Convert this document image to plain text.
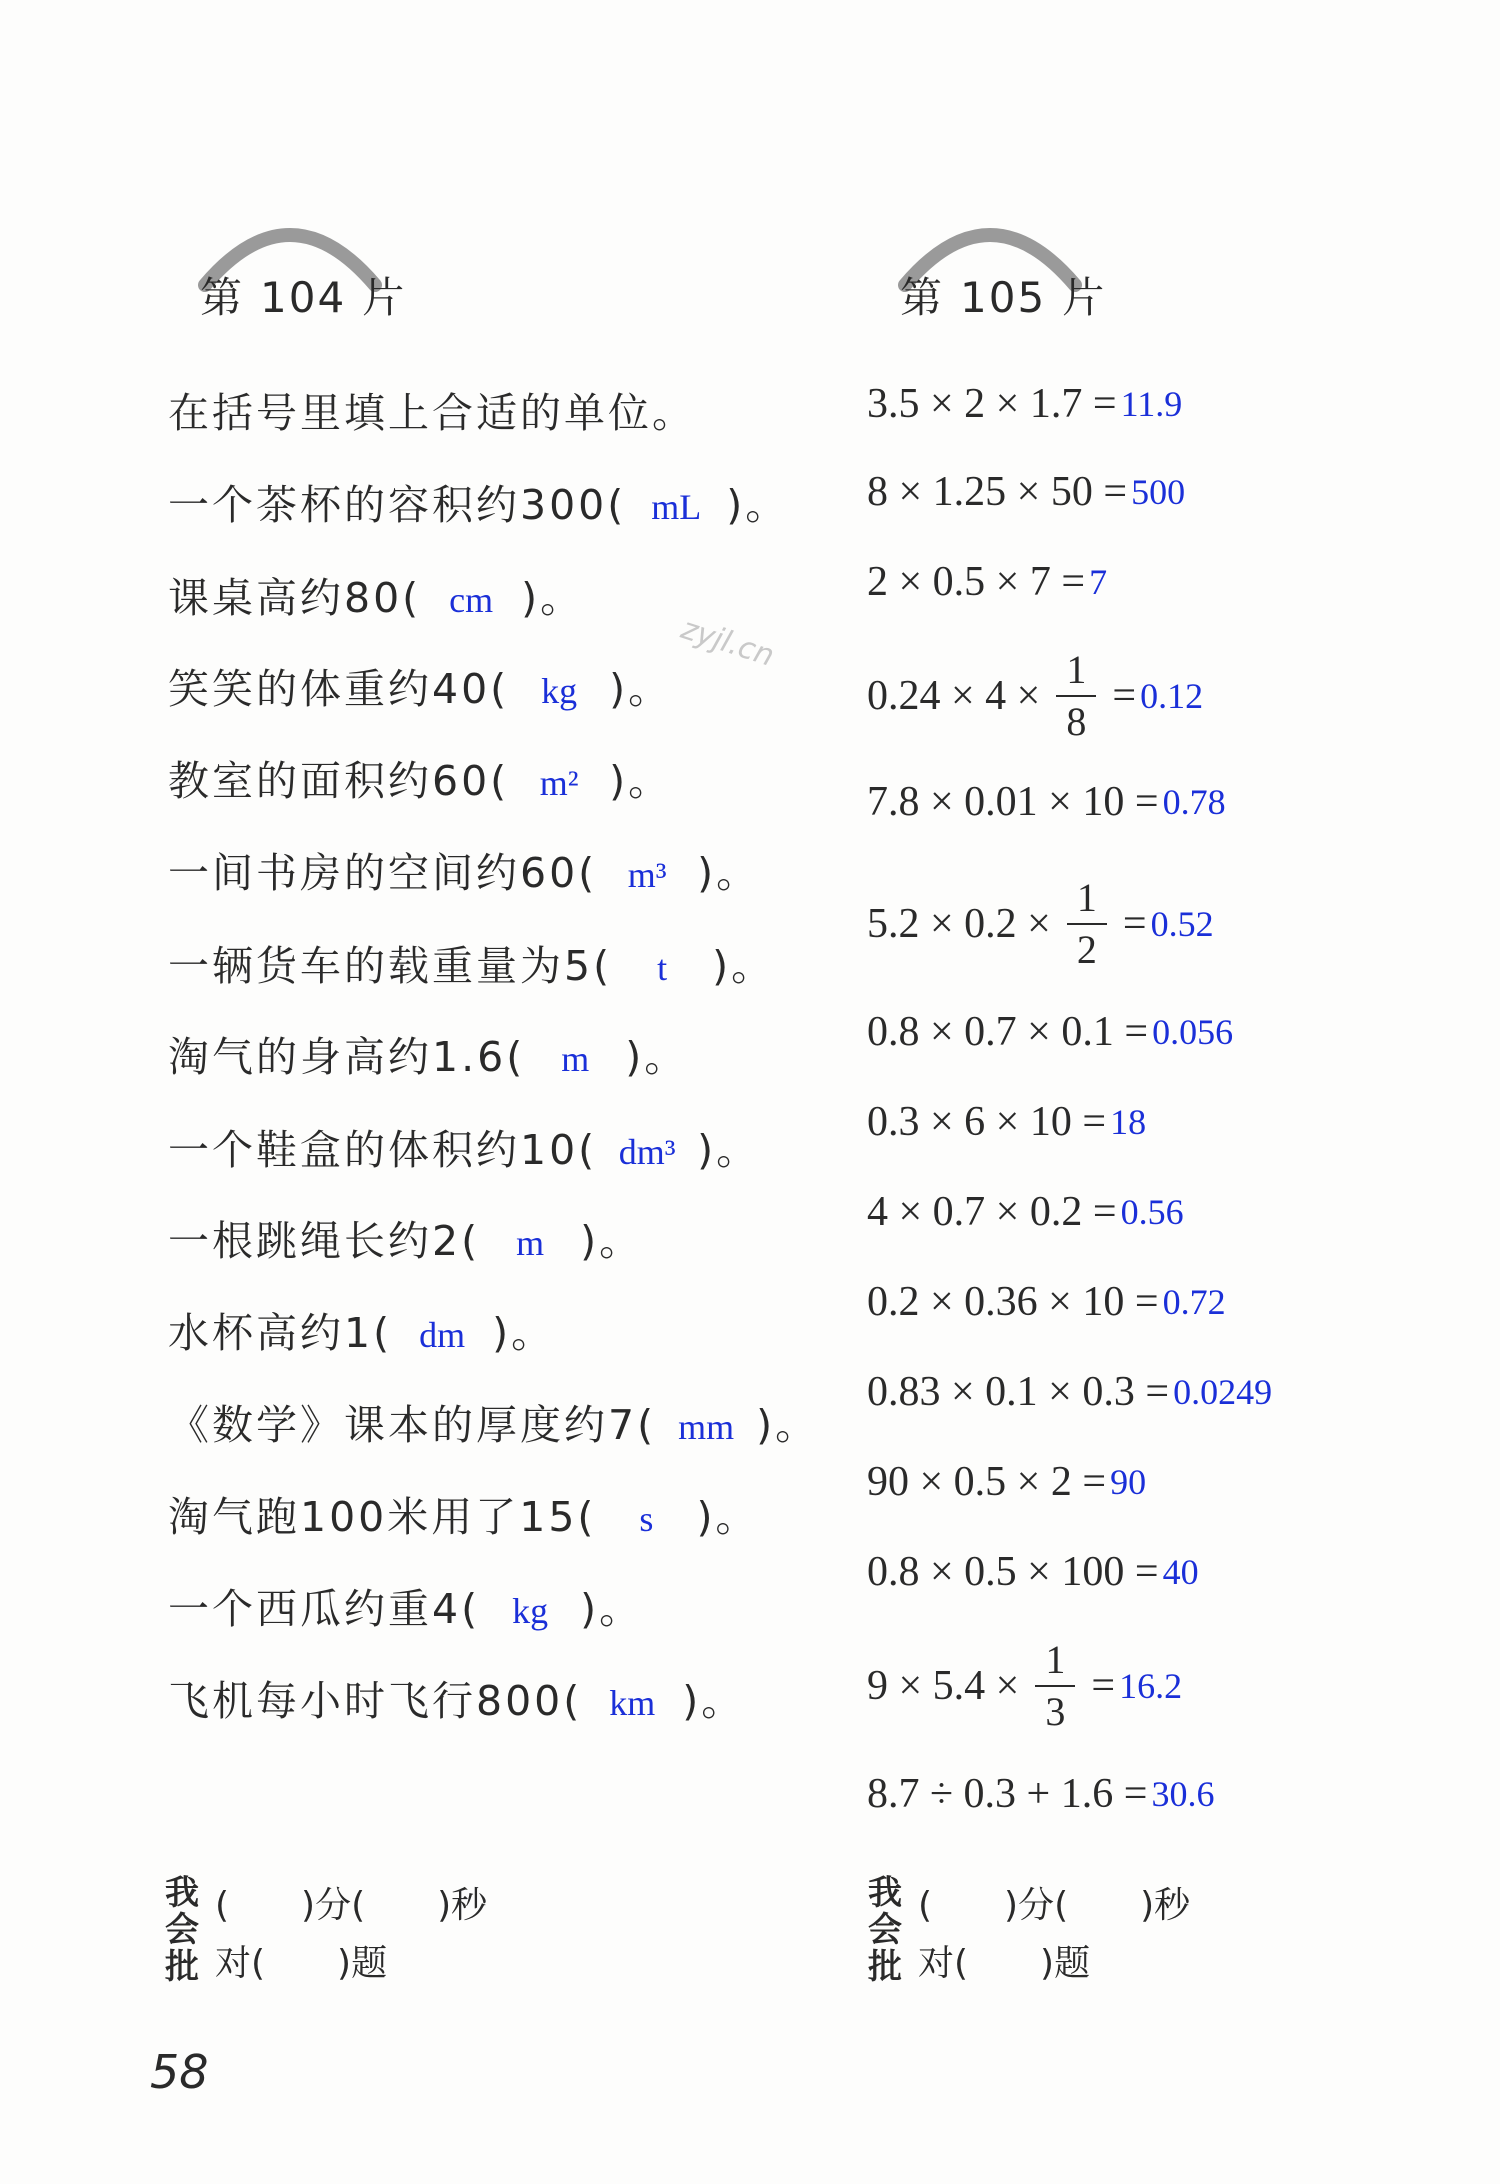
第 104 片	第 105 片
在括号里填上合适的单位。
一个茶杯的容积约300( mL )。
课桌高约80( cm )。
笑笑的体重约40( kg )。
教室的面积约60( m² )。
一间书房的空间约60( m³ )。
一辆货车的载重量为5( t )。
淘气的身高约1.6( m )。
一个鞋盒的体积约10( dm³ )。
一根跳绳长约2( m )。
水杯高约1( dm )。
《数学》课本的厚度约7( mm )。
淘气跑100米用了15( s )。
一个西瓜约重4( kg )。
飞机每小时飞行800( km )。
zyjl.cn
3.5 × 2 × 1.7 = 11.9
8 × 1.25 × 50 = 500
2 × 0.5 × 7 = 7
$0.24 \times 4 \times \frac{1}{8} = 0.12$
7.8 × 0.01 × 10 = 0.78
$5.2 \times 0.2 \times \frac{1}{2} = 0.52$
0.8 × 0.7 × 0.1 = 0.056
0.3 × 6 × 10 = 18
4 × 0.7 × 0.2 = 0.56
0.2 × 0.36 × 10 = 0.72
0.83 × 0.1 × 0.3 = 0.0249
90 × 0.5 × 2 = 90
0.8 × 0.5 × 100 = 40
$9 \times 5.4 \times \frac{1}{3} = 16.2$
8.7 ÷ 0.3 + 1.6 = 30.6
我
会
批
(　　)分(　　)秒
对(　　)题
我
会
批
(　　)分(　　)秒
对(　　)题
58
